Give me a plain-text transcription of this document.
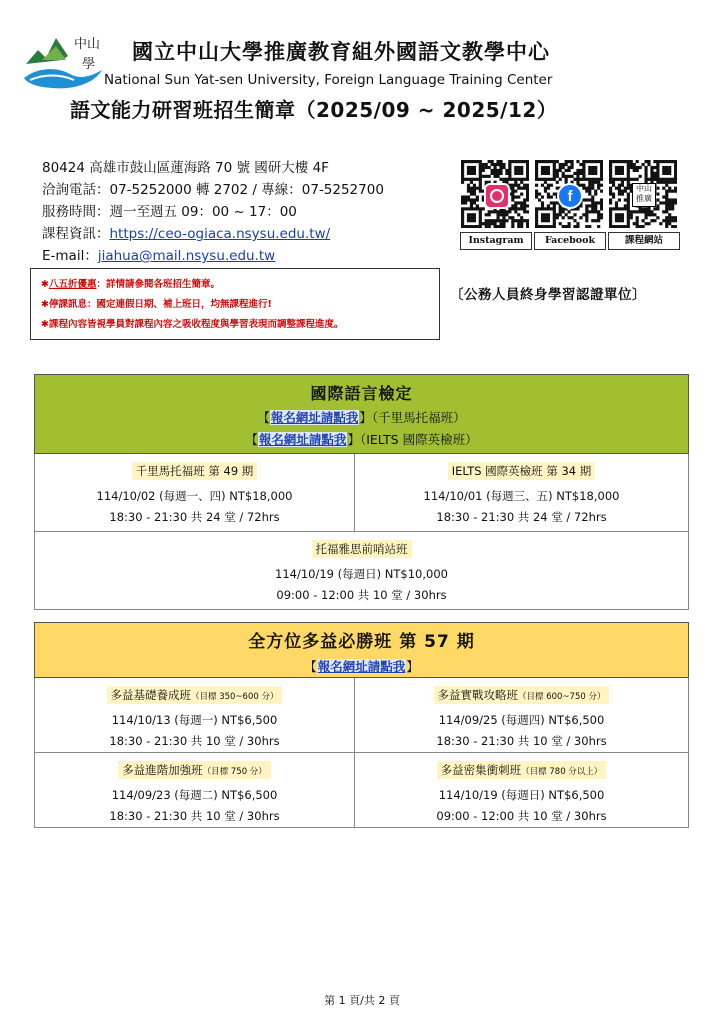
中山
學
國立中山大學推廣教育組外國語文教學中心
National Sun Yat-sen University, Foreign Language Training Center
語文能力研習班招生簡章（2025/09 ~ 2025/12）
80424 高雄市鼓山區蓮海路 70 號 國研大樓 4F
洽詢電話：07-5252000 轉 2702 / 專線：07-5252700
服務時間：週一至週五 09：00 ~ 17：00
課程資訊：https://ceo-ogiaca.nsysu.edu.tw/
E-mail：jiahua@mail.nsysu.edu.tw
f	中山
推廣
Instagram	Facebook	課程網站
✱八五折優惠：詳情請參閱各班招生簡章。
✱停課訊息：國定連假日期、補上班日，均無課程進行!
✱課程內容皆視學員對課程內容之吸收程度與學習表現而調整課程進度。
〔公務人員終身學習認證單位〕
國際語言檢定
【報名網址請點我】（千里馬托福班）
【報名網址請點我】（IELTS 國際英檢班）
千里馬托福班 第 49 期
114/10/02 (每週一、四) NT$18,000
18:30 - 21:30 共 24 堂 / 72hrs
IELTS 國際英檢班 第 34 期
114/10/01 (每週三、五) NT$18,000
18:30 - 21:30 共 24 堂 / 72hrs
托福雅思前哨站班
114/10/19 (每週日) NT$10,000
09:00 - 12:00 共 10 堂 / 30hrs
全方位多益必勝班 第 57 期
【報名網址請點我】
多益基礎養成班（目標 350~600 分）
114/10/13 (每週一) NT$6,500
18:30 - 21:30 共 10 堂 / 30hrs
多益實戰攻略班（目標 600~750 分）
114/09/25 (每週四) NT$6,500
18:30 - 21:30 共 10 堂 / 30hrs
多益進階加強班（目標 750 分）
114/09/23 (每週二) NT$6,500
18:30 - 21:30 共 10 堂 / 30hrs
多益密集衝刺班（目標 780 分以上）
114/10/19 (每週日) NT$6,500
09:00 - 12:00 共 10 堂 / 30hrs
第 1 頁/共 2 頁
